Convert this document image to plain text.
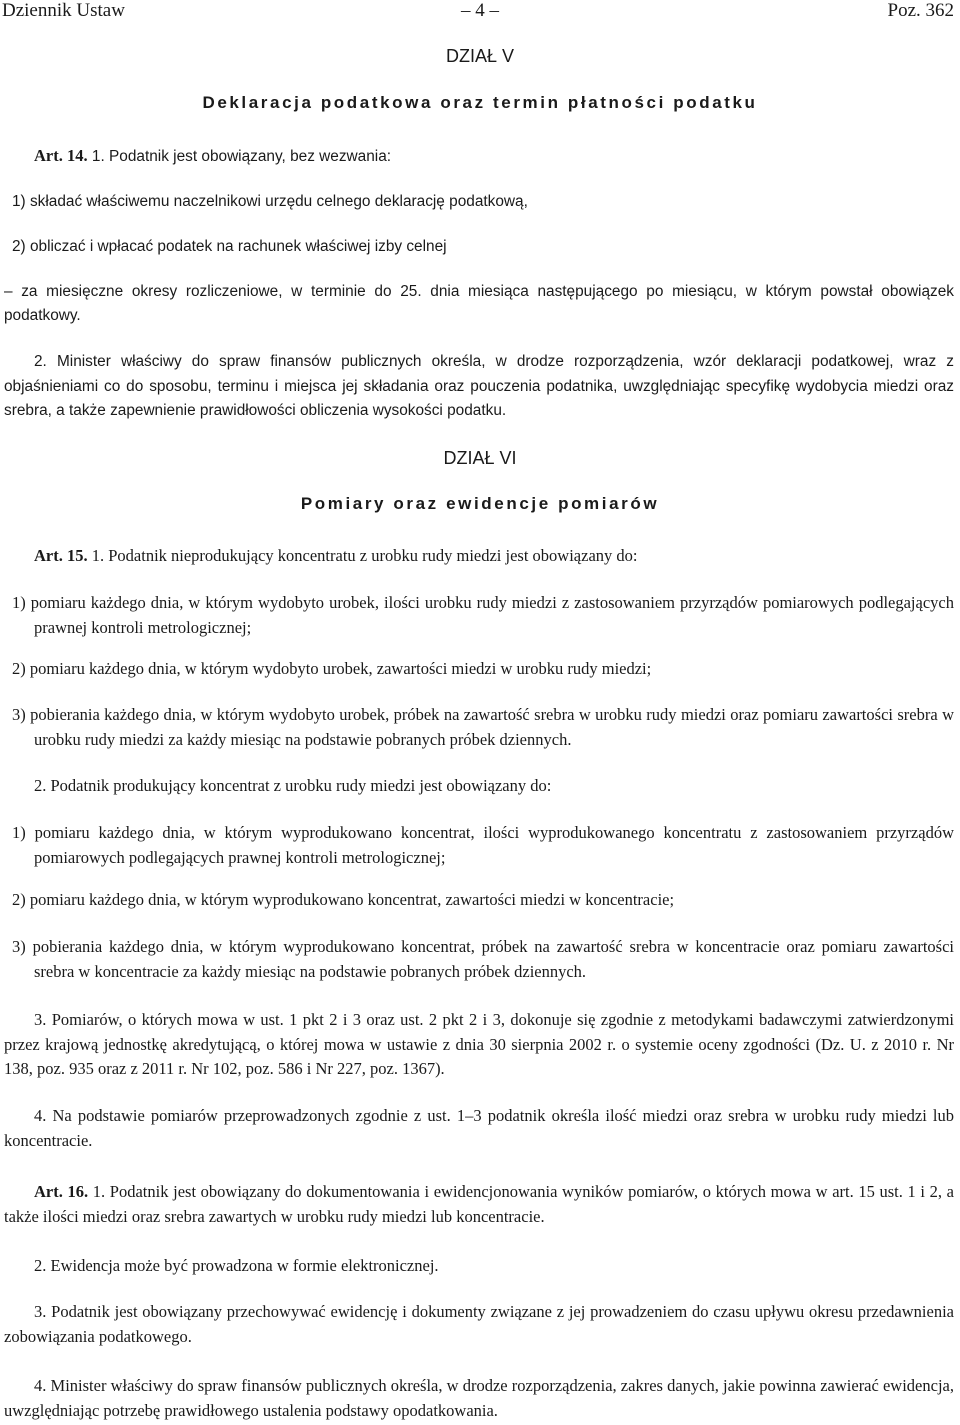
Dziennik Ustaw	– 4 –	Poz. 362
DZIAŁ V
Deklaracja podatkowa oraz termin płatności podatku

Art. 14. 1. Podatnik jest obowiązany, bez wezwania:

1) składać właściwemu naczelnikowi urzędu celnego deklarację podatkową,

2) obliczać i wpłacać podatek na rachunek właściwej izby celnej

– za miesięczne okresy rozliczeniowe, w terminie do 25. dnia miesiąca następującego po miesiącu, w którym powstał obowiązek podatkowy.

2. Minister właściwy do spraw finansów publicznych określa, w drodze rozporządzenia, wzór deklaracji podatkowej, wraz z objaśnieniami co do sposobu, terminu i miejsca jej składania oraz pouczenia podatnika, uwzględniając specyfikę wydobycia miedzi oraz srebra, a także zapewnienie prawidłowości obliczenia wysokości podatku.

DZIAŁ VI
Pomiary oraz ewidencje pomiarów

Art. 15. 1. Podatnik nieprodukujący koncentratu z urobku rudy miedzi jest obowiązany do:

1) pomiaru każdego dnia, w którym wydobyto urobek, ilości urobku rudy miedzi z zastosowaniem przyrządów pomiarowych podlegających prawnej kontroli metrologicznej;

2) pomiaru każdego dnia, w którym wydobyto urobek, zawartości miedzi w urobku rudy miedzi;

3) pobierania każdego dnia, w którym wydobyto urobek, próbek na zawartość srebra w urobku rudy miedzi oraz pomiaru zawartości srebra w urobku rudy miedzi za każdy miesiąc na podstawie pobranych próbek dziennych.

2. Podatnik produkujący koncentrat z urobku rudy miedzi jest obowiązany do:

1) pomiaru każdego dnia, w którym wyprodukowano koncentrat, ilości wyprodukowanego koncentratu z zastosowaniem przyrządów pomiarowych podlegających prawnej kontroli metrologicznej;

2) pomiaru każdego dnia, w którym wyprodukowano koncentrat, zawartości miedzi w koncentracie;

3) pobierania każdego dnia, w którym wyprodukowano koncentrat, próbek na zawartość srebra w koncentracie oraz pomiaru zawartości srebra w koncentracie za każdy miesiąc na podstawie pobranych próbek dziennych.

3. Pomiarów, o których mowa w ust. 1 pkt 2 i 3 oraz ust. 2 pkt 2 i 3, dokonuje się zgodnie z metodykami badawczymi zatwierdzonymi przez krajową jednostkę akredytującą, o której mowa w ustawie z dnia 30 sierpnia 2002 r. o systemie oceny zgodności (Dz. U. z 2010 r. Nr 138, poz. 935 oraz z 2011 r. Nr 102, poz. 586 i Nr 227, poz. 1367).

4. Na podstawie pomiarów przeprowadzonych zgodnie z ust. 1–3 podatnik określa ilość miedzi oraz srebra w urobku rudy miedzi lub koncentracie.

Art. 16. 1. Podatnik jest obowiązany do dokumentowania i ewidencjonowania wyników pomiarów, o których mowa w art. 15 ust. 1 i 2, a także ilości miedzi oraz srebra zawartych w urobku rudy miedzi lub koncentracie.

2. Ewidencja może być prowadzona w formie elektronicznej.

3. Podatnik jest obowiązany przechowywać ewidencję i dokumenty związane z jej prowadzeniem do czasu upływu okresu przedawnienia zobowiązania podatkowego.

4. Minister właściwy do spraw finansów publicznych określa, w drodze rozporządzenia, zakres danych, jakie powinna zawierać ewidencja, uwzględniając potrzebę prawidłowego ustalenia podstawy opodatkowania.
